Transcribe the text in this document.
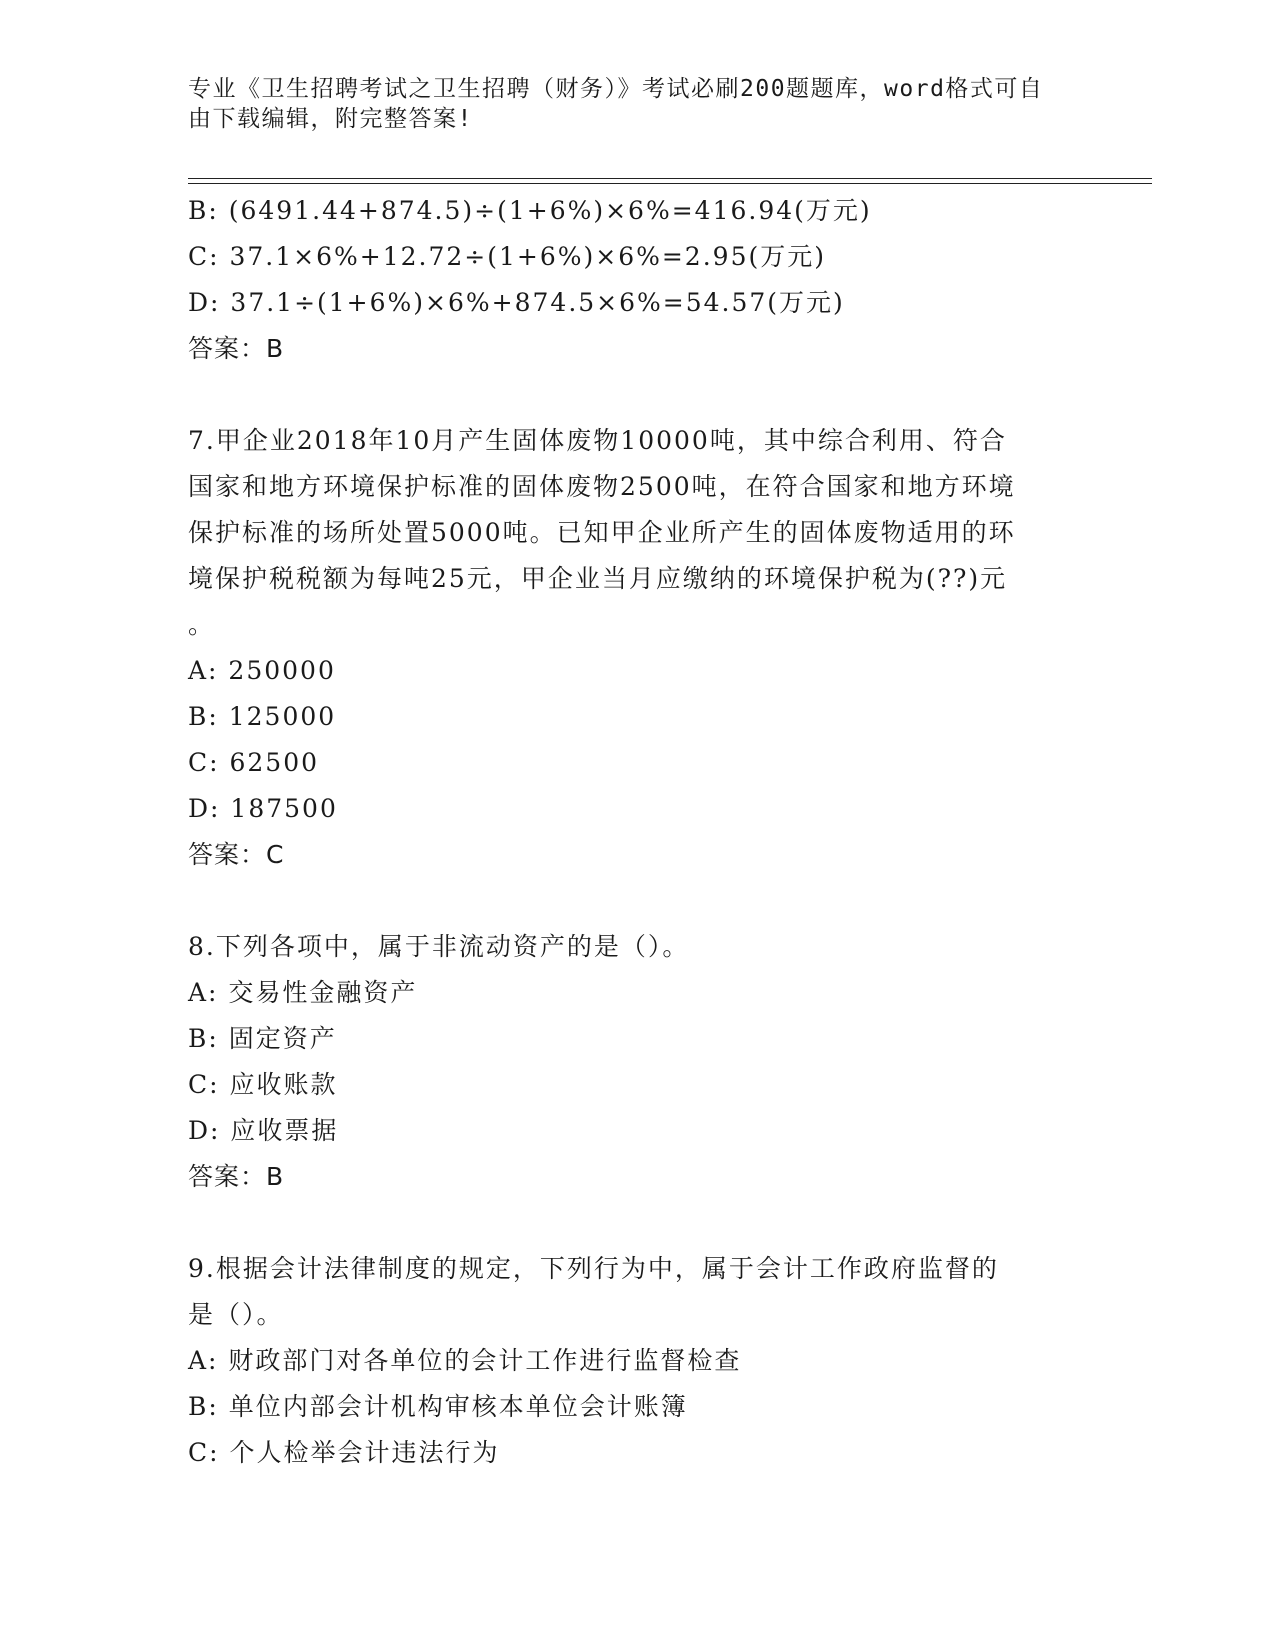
专业《卫生招聘考试之卫生招聘（财务）》考试必刷200题题库，word格式可自
由下载编辑，附完整答案!
B: (6491.44+874.5)÷(1+6%)×6%=416.94(万元)
C: 37.1×6%+12.72÷(1+6%)×6%=2.95(万元)
D: 37.1÷(1+6%)×6%+874.5×6%=54.57(万元)
答案：B
7.甲企业2018年10月产生固体废物10000吨，其中综合利用、符合
国家和地方环境保护标准的固体废物2500吨，在符合国家和地方环境
保护标准的场所处置5000吨。已知甲企业所产生的固体废物适用的环
境保护税税额为每吨25元，甲企业当月应缴纳的环境保护税为(??)元
。
A: 250000
B: 125000
C: 62500
D: 187500
答案：C
8.下列各项中，属于非流动资产的是（）。
A: 交易性金融资产
B: 固定资产
C: 应收账款
D: 应收票据
答案：B
9.根据会计法律制度的规定，下列行为中，属于会计工作政府监督的
是（）。
A: 财政部门对各单位的会计工作进行监督检查
B: 单位内部会计机构审核本单位会计账簿
C: 个人检举会计违法行为
